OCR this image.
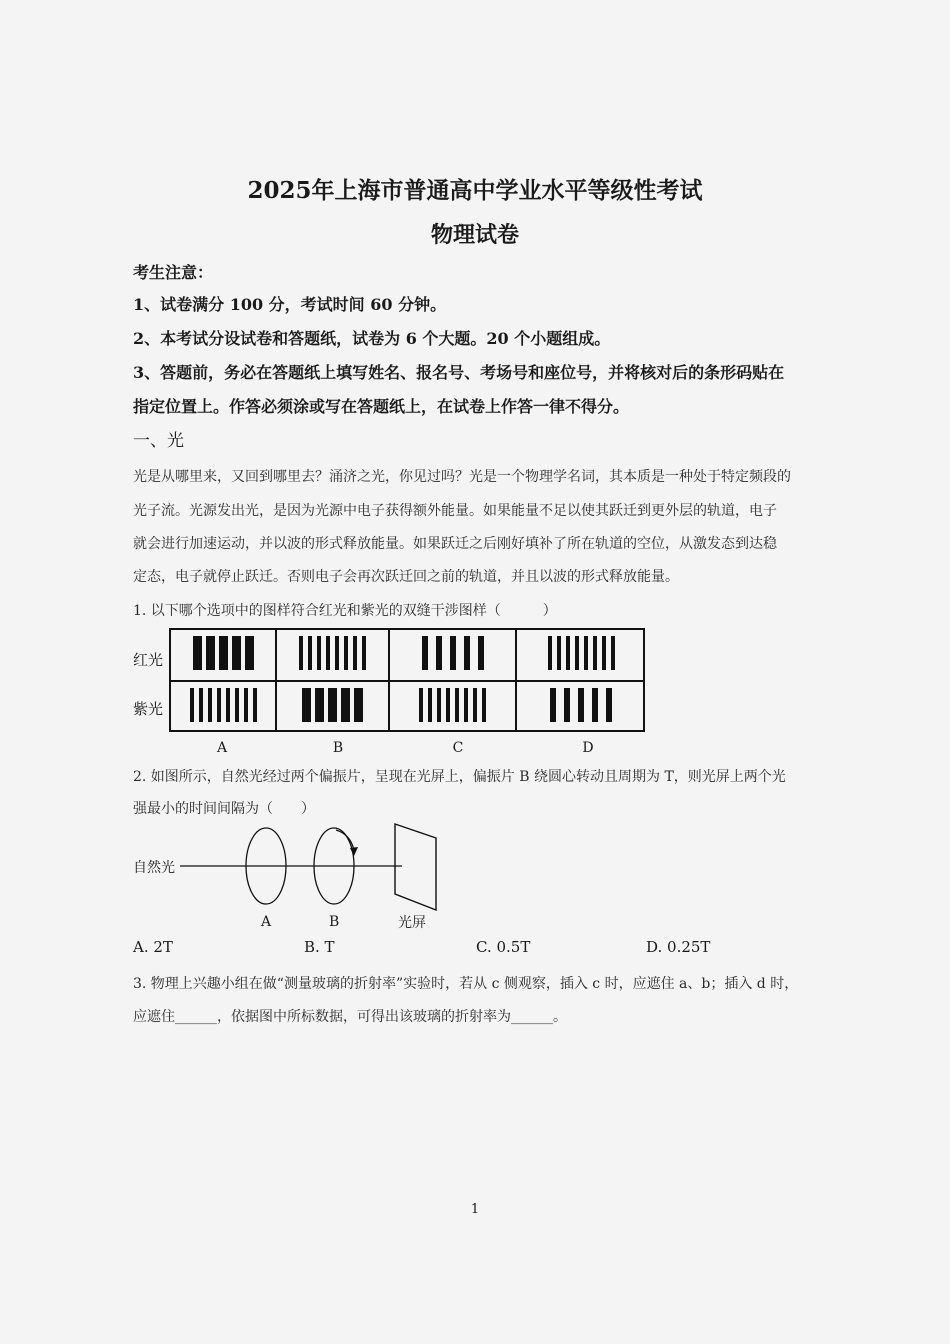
2025年上海市普通高中学业水平等级性考试
物理试卷
考生注意：
1、试卷满分 100 分，考试时间 60 分钟。
2、本考试分设试卷和答题纸，试卷为 6 个大题。20 个小题组成。
3、答题前，务必在答题纸上填写姓名、报名号、考场号和座位号，并将核对后的条形码贴在
指定位置上。作答必须涂或写在答题纸上，在试卷上作答一律不得分。
一、光
光是从哪里来，又回到哪里去？涌济之光，你见过吗？光是一个物理学名词，其本质是一种处于特定频段的
光子流。光源发出光，是因为光源中电子获得额外能量。如果能量不足以使其跃迁到更外层的轨道，电子
就会进行加速运动，并以波的形式释放能量。如果跃迁之后刚好填补了所在轨道的空位，从激发态到达稳
定态，电子就停止跃迁。否则电子会再次跃迁回之前的轨道，并且以波的形式释放能量。
1. 以下哪个选项中的图样符合红光和紫光的双缝干涉图样（　　　）
红光
紫光
A	B	C	D
2. 如图所示，自然光经过两个偏振片，呈现在光屏上，偏振片 B 绕圆心转动且周期为 T，则光屏上两个光
强最小的时间间隔为（　　）
自然光
A	B	光屏
A. 2T	B. T	C. 0.5T	D. 0.25T
3. 物理上兴趣小组在做“测量玻璃的折射率”实验时，若从 c 侧观察，插入 c 时，应遮住 a、b；插入 d 时，
应遮住______，依据图中所标数据，可得出该玻璃的折射率为______。
1
